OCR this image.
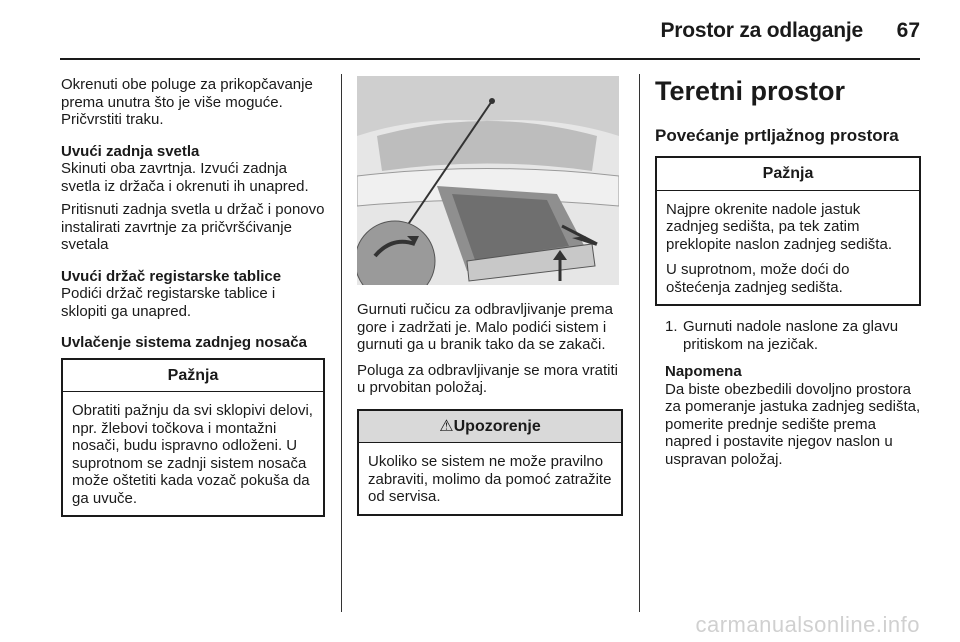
Prostor za odlaganje 67

Okrenuti obe poluge za prikopčavanje prema unutra što je više moguće. Pričvrstiti traku.

Uvući zadnja svetla
Skinuti oba zavrtnja. Izvući zadnja svetla iz držača i okrenuti ih unapred.

Pritisnuti zadnja svetla u držač i ponovo instalirati zavrtnje za pričvršćivanje svetala

Uvući držač registarske tablice
Podići držač registarske tablice i sklopiti ga unapred.

Uvlačenje sistema zadnjeg nosača

Pažnja

Obratiti pažnju da svi sklopivi delovi, npr. žlebovi točkova i montažni nosači, budu ispravno odloženi. U suprotnom se zadnji sistem nosača može oštetiti kada vozač pokuša da ga uvuče.

Gurnuti ručicu za odbravljivanje prema gore i zadržati je. Malo podići sistem i gurnuti ga u branik tako da se zakači.

Poluga za odbravljivanje se mora vratiti u prvobitan položaj.

⚠Upozorenje

Ukoliko se sistem ne može pravilno zabraviti, molimo da pomoć zatražite od servisa.

Teretni prostor
Povećanje prtljažnog prostora
Pažnja

Najpre okrenite nadole jastuk zadnjeg sedišta, pa tek zatim preklopite naslon zadnjeg sedišta.

U suprotnom, može doći do oštećenja zadnjeg sedišta.

1. Gurnuti nadole naslone za glavu pritiskom na jezičak.

Napomena
Da biste obezbedili dovoljno prostora za pomeranje jastuka zadnjeg sedišta, pomerite prednje sedište prema napred i postavite njegov naslon u uspravan položaj.

carmanualsonline.info
